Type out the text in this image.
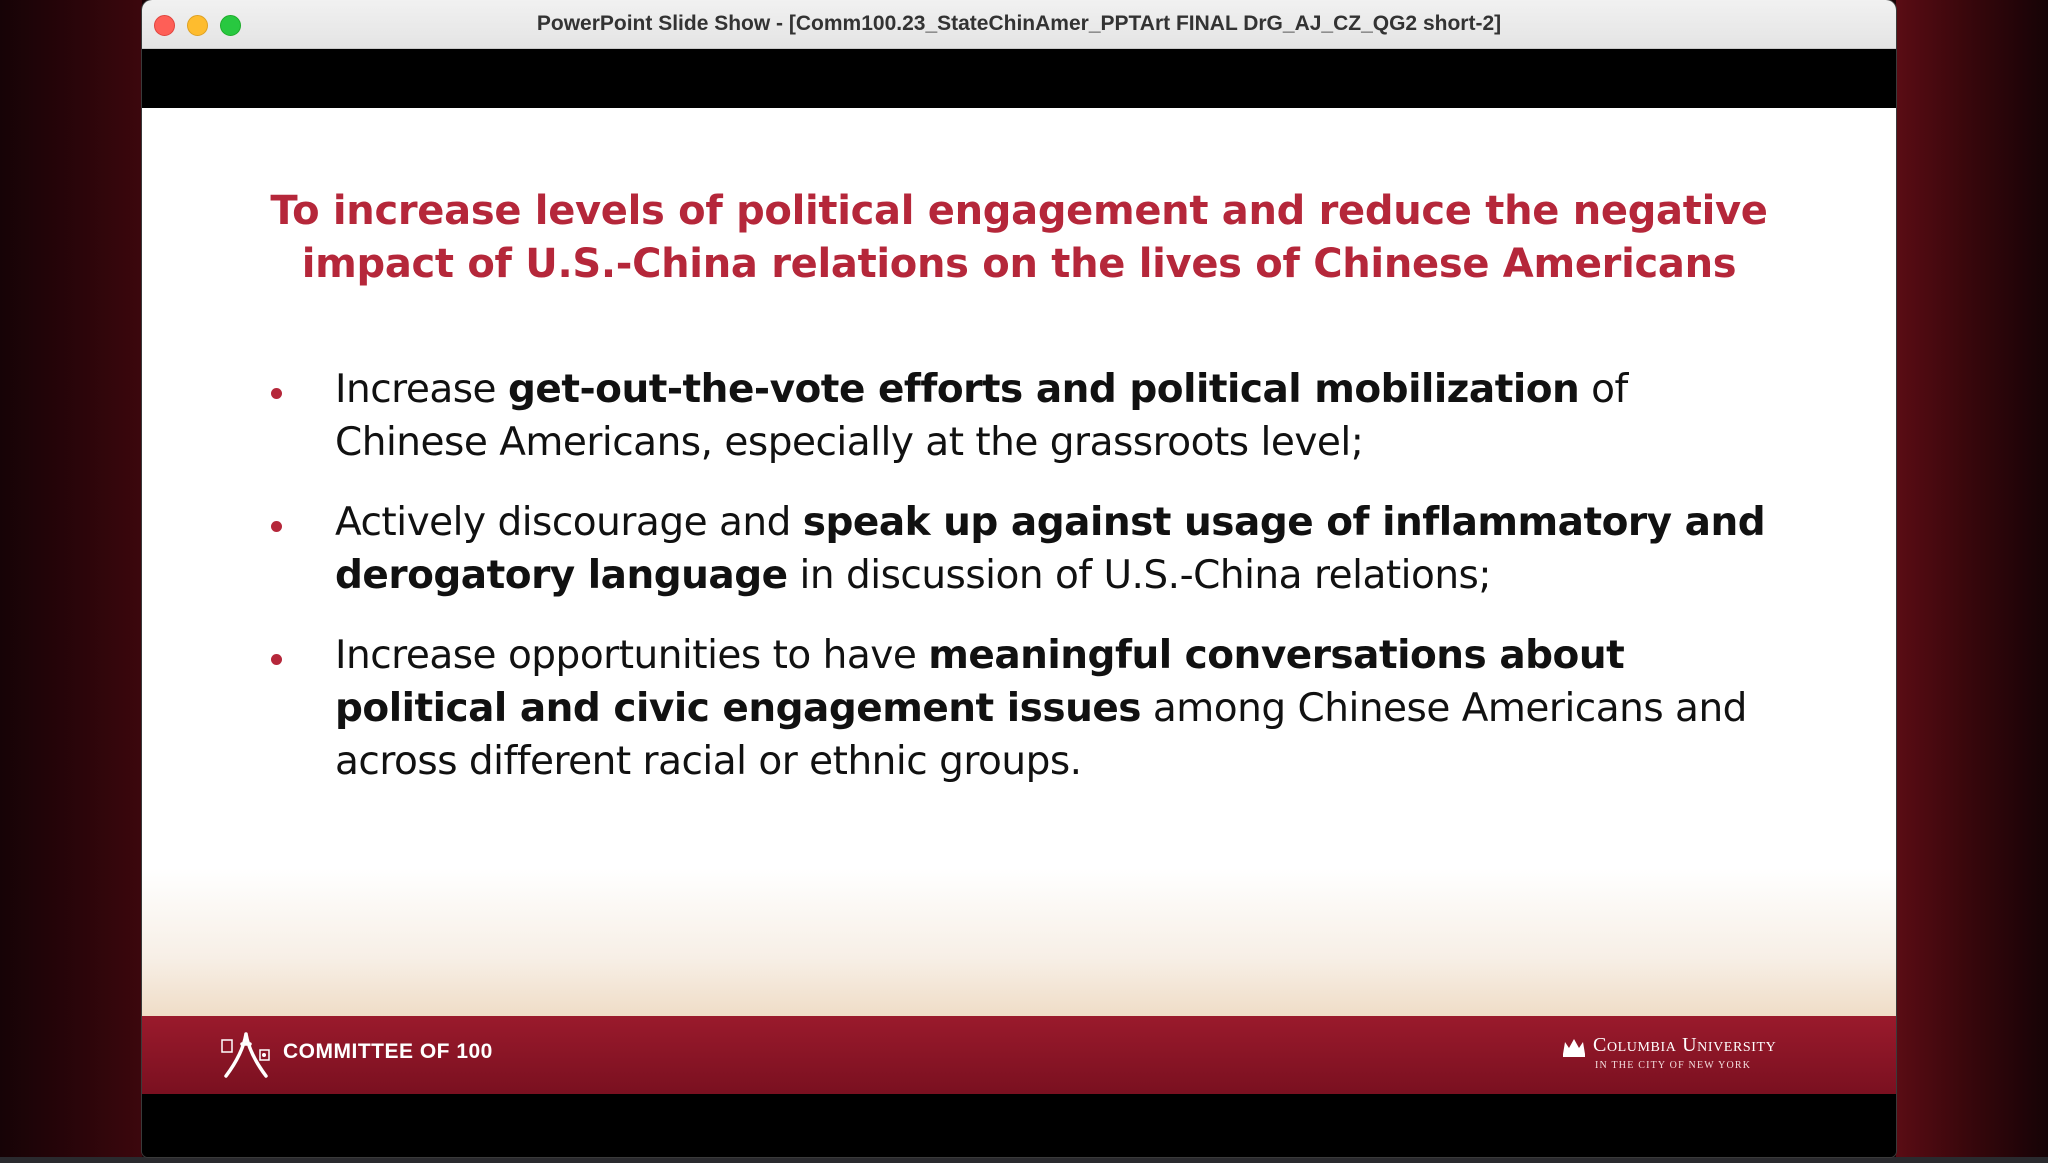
PowerPoint Slide Show - [Comm100.23_StateChinAmer_PPTArt FINAL DrG_AJ_CZ_QG2 short-2]
To increase levels of political engagement and reduce the negative impact of U.S.-China relations on the lives of Chinese Americans
Increase get-out-the-vote efforts and political mobilization of Chinese Americans, especially at the grassroots level;
Actively discourage and speak up against usage of inflammatory and derogatory language in discussion of U.S.-China relations;
Increase opportunities to have meaningful conversations about political and civic engagement issues among Chinese Americans and across different racial or ethnic groups.
COMMITTEE OF 100	Columbia University
IN THE CITY OF NEW YORK
